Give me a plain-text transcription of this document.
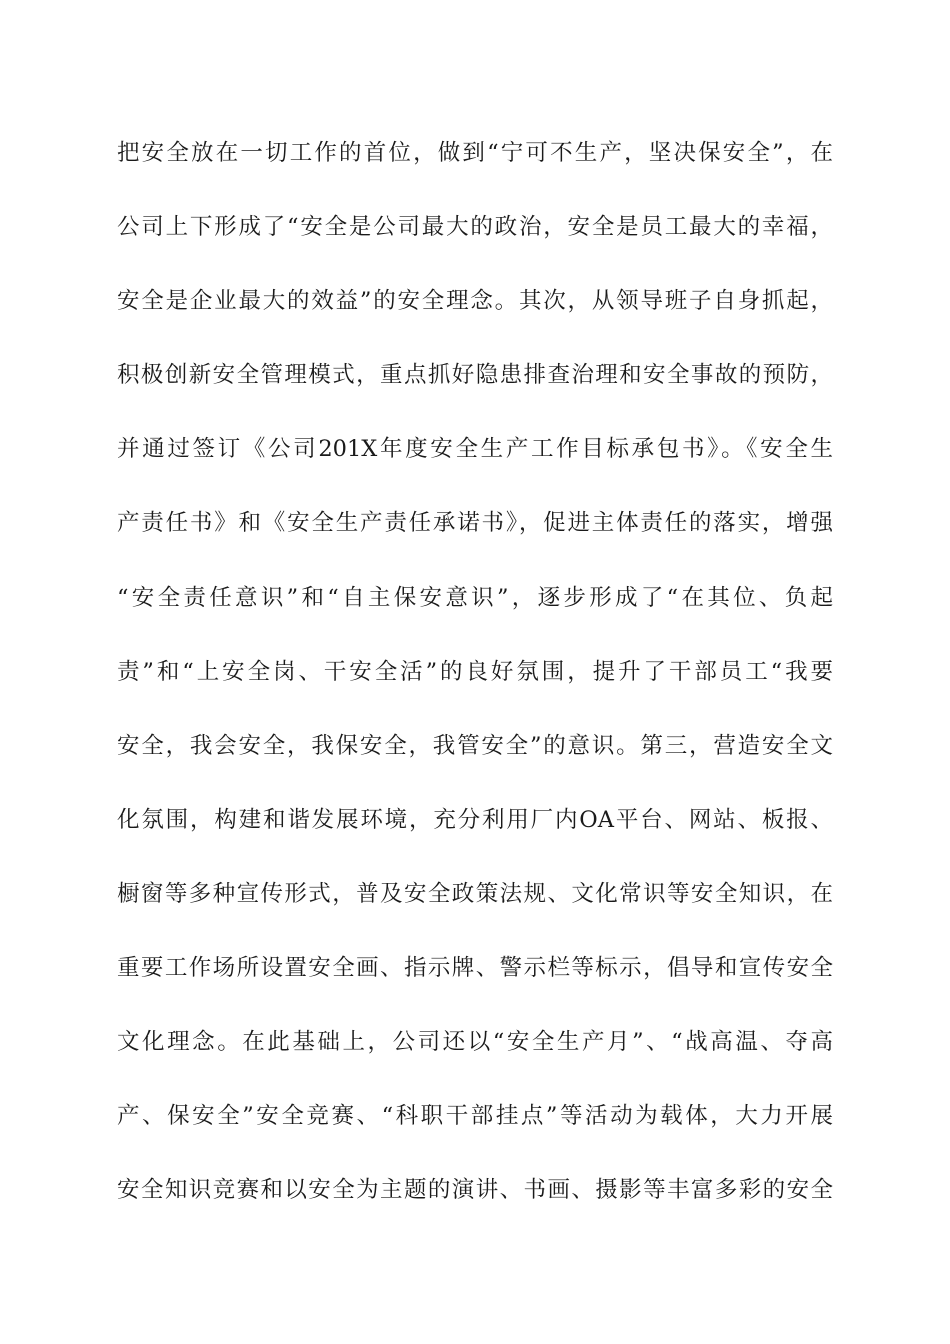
把安全放在一切工作的首位，做到“宁可不生产，坚决保安全”，在
公司上下形成了“安全是公司最大的政治，安全是员工最大的幸福，
安全是企业最大的效益”的安全理念。其次，从领导班子自身抓起，
积极创新安全管理模式，重点抓好隐患排查治理和安全事故的预防，
并通过签订《公司201X年度安全生产工作目标承包书》。《安全生
产责任书》和《安全生产责任承诺书》，促进主体责任的落实，增强
“安全责任意识”和“自主保安意识”，逐步形成了“在其位、负起
责”和“上安全岗、干安全活”的良好氛围，提升了干部员工“我要
安全，我会安全，我保安全，我管安全”的意识。第三，营造安全文
化氛围，构建和谐发展环境，充分利用厂内OA平台、网站、板报、
橱窗等多种宣传形式，普及安全政策法规、文化常识等安全知识，在
重要工作场所设置安全画、指示牌、警示栏等标示，倡导和宣传安全
文化理念。在此基础上，公司还以“安全生产月”、“战高温、夺高
产、保安全”安全竞赛、“科职干部挂点”等活动为载体，大力开展
安全知识竞赛和以安全为主题的演讲、书画、摄影等丰富多彩的安全
